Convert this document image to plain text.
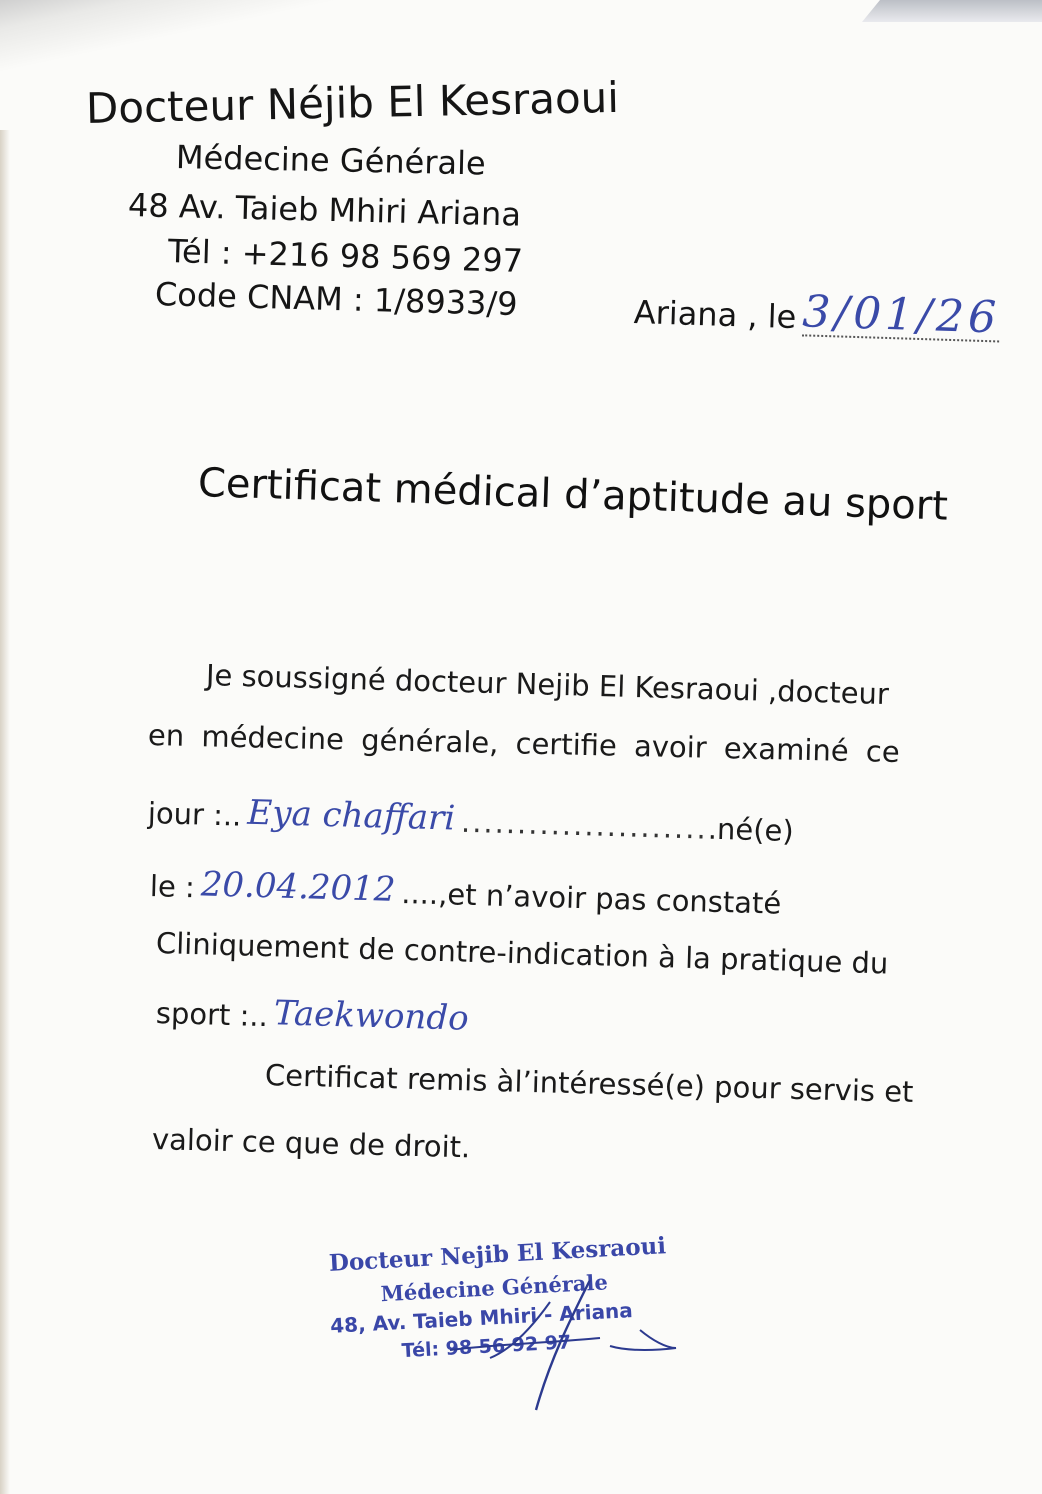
Docteur Néjib El Kesraoui
Médecine Générale
48 Av. Taieb Mhiri Ariana
Tél : +216 98 569 297
Code CNAM : 1/8933/9	Ariana , le 3/01/26
Certificat médical d’aptitude au sport
Je soussigné docteur Nejib El Kesraoui ,docteur
en médecine générale, certifie avoir examiné ce
jour :.. Eya chaffari ...................... .né(e)
le : 20.04.2012 ....,et n’avoir pas constaté
Cliniquement de contre-indication à la pratique du
sport :.. Taekwondo
Certificat remis àl’intéressé(e) pour servis et
valoir ce que de droit.
Docteur Nejib El Kesraoui
Médecine Générale
48, Av. Taieb Mhiri - Ariana
Tél: 98 56 92 97
